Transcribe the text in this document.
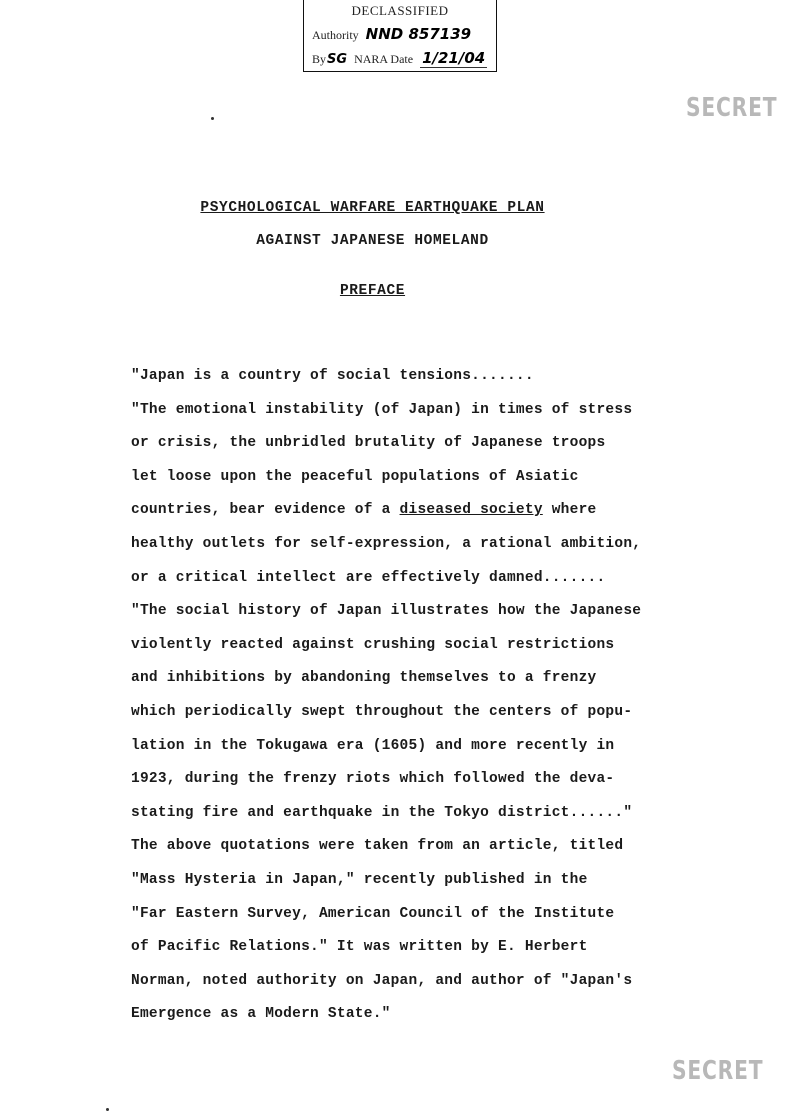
DECLASSIFIED
Authority NND 857139
BySG NARA Date 1/21/04
SECRET
SECRET
PSYCHOLOGICAL WARFARE EARTHQUAKE PLAN
AGAINST JAPANESE HOMELAND
PREFACE
"Japan is a country of social tensions.......
"The emotional instability (of Japan) in times of stress
or crisis, the unbridled brutality of Japanese troops
let loose upon the peaceful populations of Asiatic
countries, bear evidence of a diseased society where
healthy outlets for self-expression, a rational ambition,
or a critical intellect are effectively damned.......
"The social history of Japan illustrates how the Japanese
violently reacted against crushing social restrictions
and inhibitions by abandoning themselves to a frenzy
which periodically swept throughout the centers of popu-
lation in the Tokugawa era (1605) and more recently in
1923, during the frenzy riots which followed the deva-
stating fire and earthquake in the Tokyo district......"
The above quotations were taken from an article, titled
"Mass Hysteria in Japan," recently published in the
"Far Eastern Survey, American Council of the Institute
of Pacific Relations." It was written by E. Herbert
Norman, noted authority on Japan, and author of "Japan's
Emergence as a Modern State."
